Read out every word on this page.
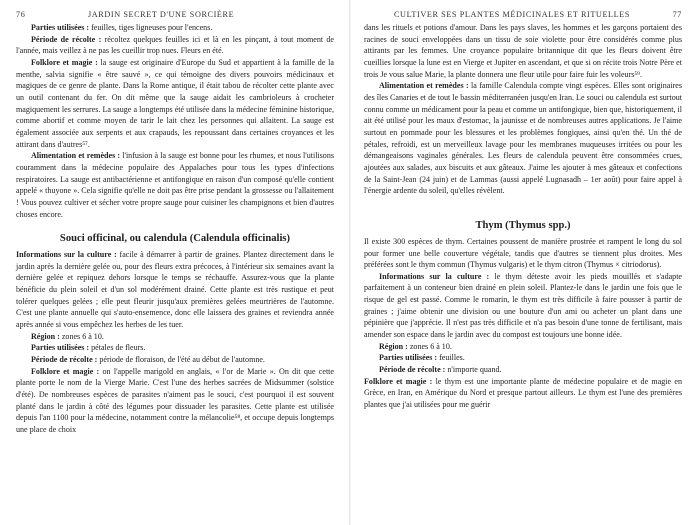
76	JARDIN SECRET D'UNE SORCIÈRE

Parties utilisées : feuilles, tiges ligneuses pour l'encens.

Période de récolte : récoltez quelques feuilles ici et là en les pinçant, à tout moment de l'année, mais veillez à ne pas les cueillir trop nues. Fleurs en été.

Folklore et magie : la sauge est originaire d'Europe du Sud et appartient à la famille de la menthe, salvia signifie « être sauvé », ce qui témoigne des divers pouvoirs médicinaux et magiques de ce genre de plante. Dans la Rome antique, il était tabou de récolter cette plante avec un outil contenant du fer. On dit même que la sauge aidait les cambrioleurs à crocheter magiquement les serrures. La sauge a longtemps été utilisée dans la médecine féminine historique, comme abortif et comme moyen de tarir le lait chez les personnes qui allaitent. La sauge est également associée aux serpents et aux crapauds, les repoussant dans certaines croyances et les attirant dans d'autres⁵⁷.

Alimentation et remèdes : l'infusion à la sauge est bonne pour les rhumes, et nous l'utilisons couramment dans la médecine populaire des Appalaches pour tous les types d'infections respiratoires. La sauge est antibactérienne et antifongique en raison d'un composé qu'elle contient appelé « thuyone ». Cela signifie qu'elle ne doit pas être prise pendant la grossesse ou l'allaitement ! Vous pouvez cultiver et sécher votre propre sauge pour cuisiner les champignons et bien d'autres choses encore.

Souci officinal, ou calendula (Calendula officinalis)

Informations sur la culture : facile à démarrer à partir de graines. Plantez directement dans le jardin après la dernière gelée ou, pour des fleurs extra précoces, à l'intérieur six semaines avant la dernière gelée et repiquez dehors lorsque le temps se réchauffe. Assurez-vous que la plante bénéficie du plein soleil et d'un sol modérément drainé. Cette plante est très rustique et peut tolérer quelques gelées ; elle peut fleurir jusqu'aux premières gelées meurtrières de l'automne. C'est une plante annuelle qui s'auto-ensemence, donc elle laissera des graines et reviendra année après année si vous empêchez les herbes de les tuer.

Région : zones 6 à 10.

Parties utilisées : pétales de fleurs.

Période de récolte : période de floraison, de l'été au début de l'automne.

Folklore et magie : on l'appelle marigold en anglais, « l'or de Marie ». On dit que cette plante porte le nom de la Vierge Marie. C'est l'une des herbes sacrées de Midsummer (solstice d'été). De nombreuses espèces de parasites n'aiment pas le souci, c'est pourquoi il est souvent planté dans le jardin à côté des légumes pour dissuader les parasites. Cette plante est utilisée depuis l'an 1100 pour la médecine, notamment contre la mélancolie⁵⁸, et occupe depuis longtemps une place de choix

CULTIVER SES PLANTES MÉDICINALES ET RITUELLES	77

dans les rituels et potions d'amour. Dans les pays slaves, les hommes et les garçons portaient des racines de souci enveloppées dans un tissu de soie violette pour être considérés comme plus attirants par les femmes. Une croyance populaire britannique dit que les fleurs doivent être cueillies lorsque la lune est en Vierge et Jupiter en ascendant, et que si on récite trois Notre Père et trois Je vous salue Marie, la plante donnera une fleur utile pour faire fuir les voleurs⁵⁹.

Alimentation et remèdes : la famille Calendula compte vingt espèces. Elles sont originaires des îles Canaries et de tout le bassin méditerranéen jusqu'en Iran. Le souci ou calendula est surtout connu comme un médicament pour la peau et comme un antifongique, bien que, historiquement, il ait été utilisé pour les maux d'estomac, la jaunisse et de nombreuses autres applications. Je l'aime surtout en pommade pour les blessures et les problèmes fongiques, ainsi qu'en thé. Un thé de pétales, refroidi, est un merveilleux lavage pour les membranes muqueuses irritées ou pour les démangeaisons vaginales générales. Les fleurs de calendula peuvent être consommées crues, ajoutées aux salades, aux biscuits et aux gâteaux. J'aime les ajouter à mes gâteaux et confections de la Saint-Jean (24 juin) et de Lammas (aussi appelé Lugnasadh – 1er août) pour faire appel à l'énergie ardente du soleil, qu'elles révèlent.

Thym (Thymus spp.)

Il existe 300 espèces de thym. Certaines poussent de manière prostrée et rampent le long du sol pour former une belle couverture végétale, tandis que d'autres se tiennent plus droites. Mes préférées sont le thym commun (Thymus vulgaris) et le thym citron (Thymus × citriodorus).

Informations sur la culture : le thym déteste avoir les pieds mouillés et s'adapte parfaitement à un conteneur bien drainé en plein soleil. Plantez-le dans le jardin une fois que le risque de gel est passé. Comme le romarin, le thym est très difficile à faire pousser à partir de graines ; j'aime obtenir une division ou une bouture d'un ami ou acheter un plant dans une pépinière que j'apprécie. Il n'est pas très difficile et n'a pas besoin d'une tonne de fertilisant, mais amender son espace dans le jardin avec du compost est toujours une bonne idée.

Région : zones 6 à 10.

Parties utilisées : feuilles.

Période de récolte : n'importe quand.

Folklore et magie : le thym est une importante plante de médecine populaire et de magie en Grèce, en Iran, en Amérique du Nord et presque partout ailleurs. Le thym est l'une des premières plantes que j'ai utilisées pour me guérir
